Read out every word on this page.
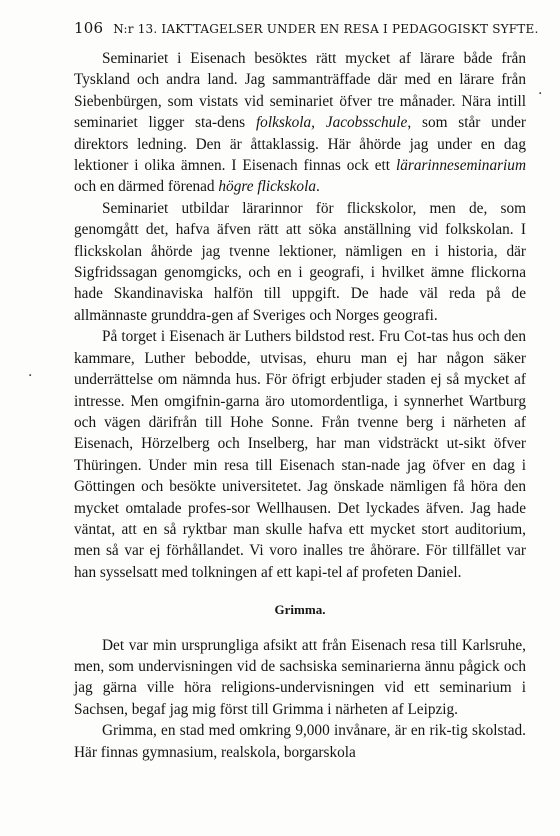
106 N:r 13. IAKTTAGELSER UNDER EN RESA I PEDAGOGISKT SYFTE.
·
·

Seminariet i Eisenach besöktes rätt mycket af lärare både från Tyskland och andra land. Jag sammanträffade där med en lärare från Siebenbürgen, som vistats vid seminariet öfver tre månader. Nära intill seminariet ligger sta-dens folkskola, Jacobsschule, som står under direktors ledning. Den är åttaklassig. Här åhörde jag under en dag lektioner i olika ämnen. I Eisenach finnas ock ett lärarinneseminarium och en därmed förenad högre flickskola.

Seminariet utbildar lärarinnor för flickskolor, men de, som genomgått det, hafva äfven rätt att söka anställning vid folkskolan. I flickskolan åhörde jag tvenne lektioner, nämligen en i historia, där Sigfridssagan genomgicks, och en i geografi, i hvilket ämne flickorna hade Skandinaviska halfön till uppgift. De hade väl reda på de allmännaste grunddra-gen af Sveriges och Norges geografi.

På torget i Eisenach är Luthers bildstod rest. Fru Cot-tas hus och den kammare, Luther bebodde, utvisas, ehuru man ej har någon säker underrättelse om nämnda hus. För öfrigt erbjuder staden ej så mycket af intresse. Men omgifnin-garna äro utomordentliga, i synnerhet Wartburg och vägen därifrån till Hohe Sonne. Från tvenne berg i närheten af Eisenach, Hörzelberg och Inselberg, har man vidsträckt ut-sikt öfver Thüringen. Under min resa till Eisenach stan-nade jag öfver en dag i Göttingen och besökte universitetet. Jag önskade nämligen få höra den mycket omtalade profes-sor Wellhausen. Det lyckades äfven. Jag hade väntat, att en så ryktbar man skulle hafva ett mycket stort auditorium, men så var ej förhållandet. Vi voro inalles tre åhörare. För tillfället var han sysselsatt med tolkningen af ett kapi-tel af profeten Daniel.

Grimma.

Det var min ursprungliga afsikt att från Eisenach resa till Karlsruhe, men, som undervisningen vid de sachsiska seminarierna ännu pågick och jag gärna ville höra religions-undervisningen vid ett seminarium i Sachsen, begaf jag mig först till Grimma i närheten af Leipzig.

Grimma, en stad med omkring 9,000 invånare, är en rik-tig skolstad. Här finnas gymnasium, realskola, borgarskola
